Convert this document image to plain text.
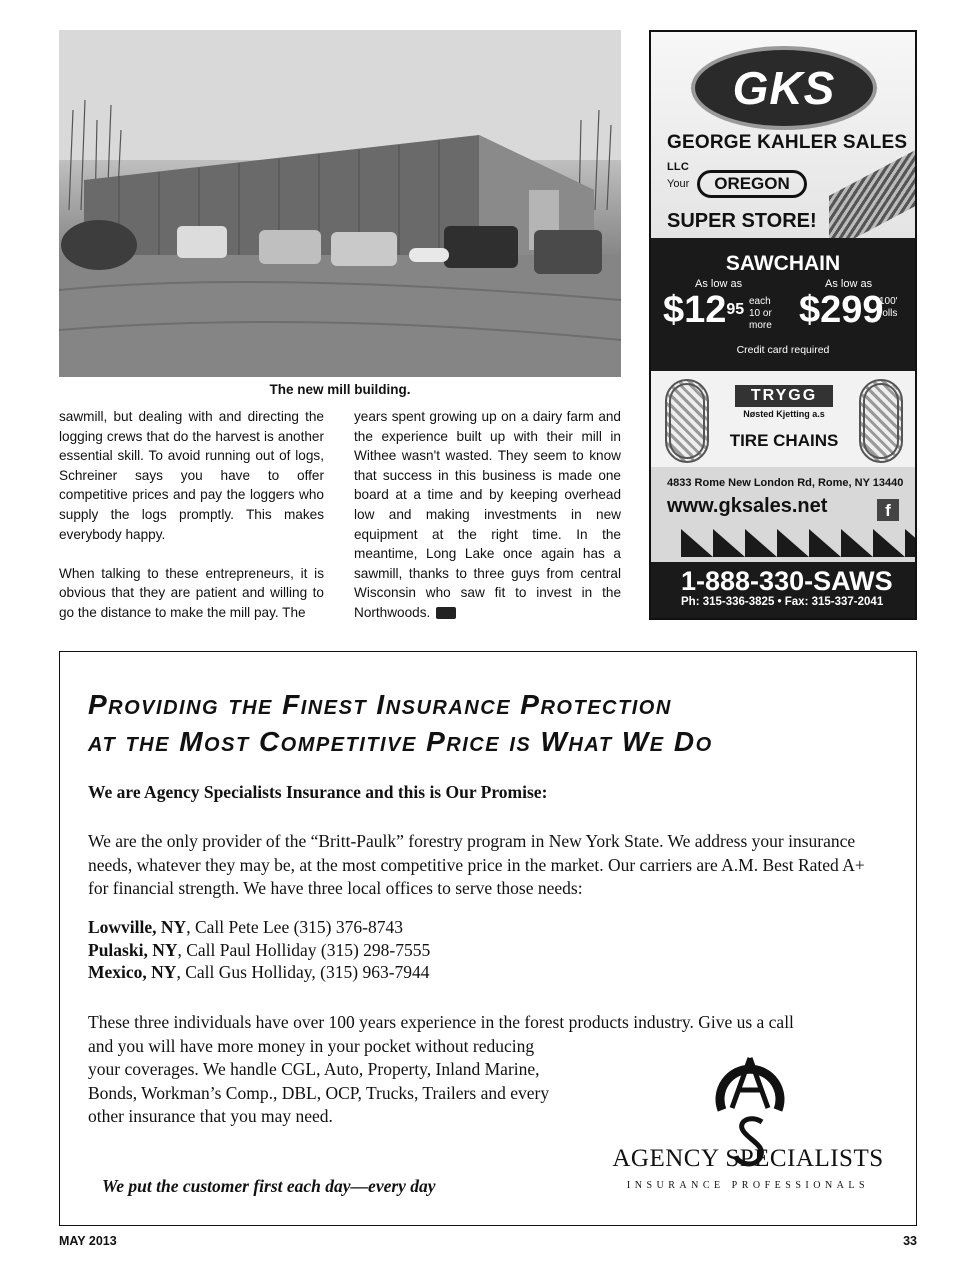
The new mill building.

sawmill, but dealing with and directing the logging crews that do the harvest is another essential skill. To avoid running out of logs, Schreiner says you have to offer competitive prices and pay the loggers who supply the logs promptly. This makes everybody happy.

When talking to these entrepreneurs, it is obvious that they are patient and willing to go the distance to make the mill pay. The

years spent growing up on a dairy farm and the experience built up with their mill in Withee wasn't wasted. They seem to know that success in this business is made one board at a time and by keeping overhead low and making investments in new equipment at the right time. In the meantime, Long Lake once again has a sawmill, thanks to three guys from central Wisconsin who saw fit to invest in the Northwoods.
GKS
GEORGE KAHLER SALES LLC
Your	OREGON
SUPER STORE!
SAWCHAIN
As low as
$\$12^{95}$ each 10 or more
As low as
$299
100' rolls
Credit card required
TRYGG
Nøsted Kjetting a.s
TIRE CHAINS
4833 Rome New London Rd, Rome, NY 13440
www.gksales.net	f
1-888-330-SAWS
Ph: 315-336-3825 • Fax: 315-337-2041
Providing the Finest Insurance Protection
at the Most Competitive Price is What We Do
We are Agency Specialists Insurance and this is Our Promise:
We are the only provider of the “Britt-Paulk” forestry program in New York State. We address your insurance needs, whatever they may be, at the most competitive price in the market. Our carriers are A.M. Best Rated A+ for financial strength. We have three local offices to serve those needs:
Lowville, NY, Call Pete Lee (315) 376-8743
Pulaski, NY, Call Paul Holliday (315) 298-7555
Mexico, NY, Call Gus Holliday, (315) 963-7944
These three individuals have over 100 years experience in the forest products industry. Give us a call
and you will have more money in your pocket without reducing your coverages. We handle CGL, Auto, Property, Inland Marine, Bonds, Workman’s Comp., DBL, OCP, Trucks, Trailers and every other insurance that you may need.
We put the customer first each day—every day
AGENCY SPECIALISTS
INSURANCE PROFESSIONALS
MAY 2013	33
